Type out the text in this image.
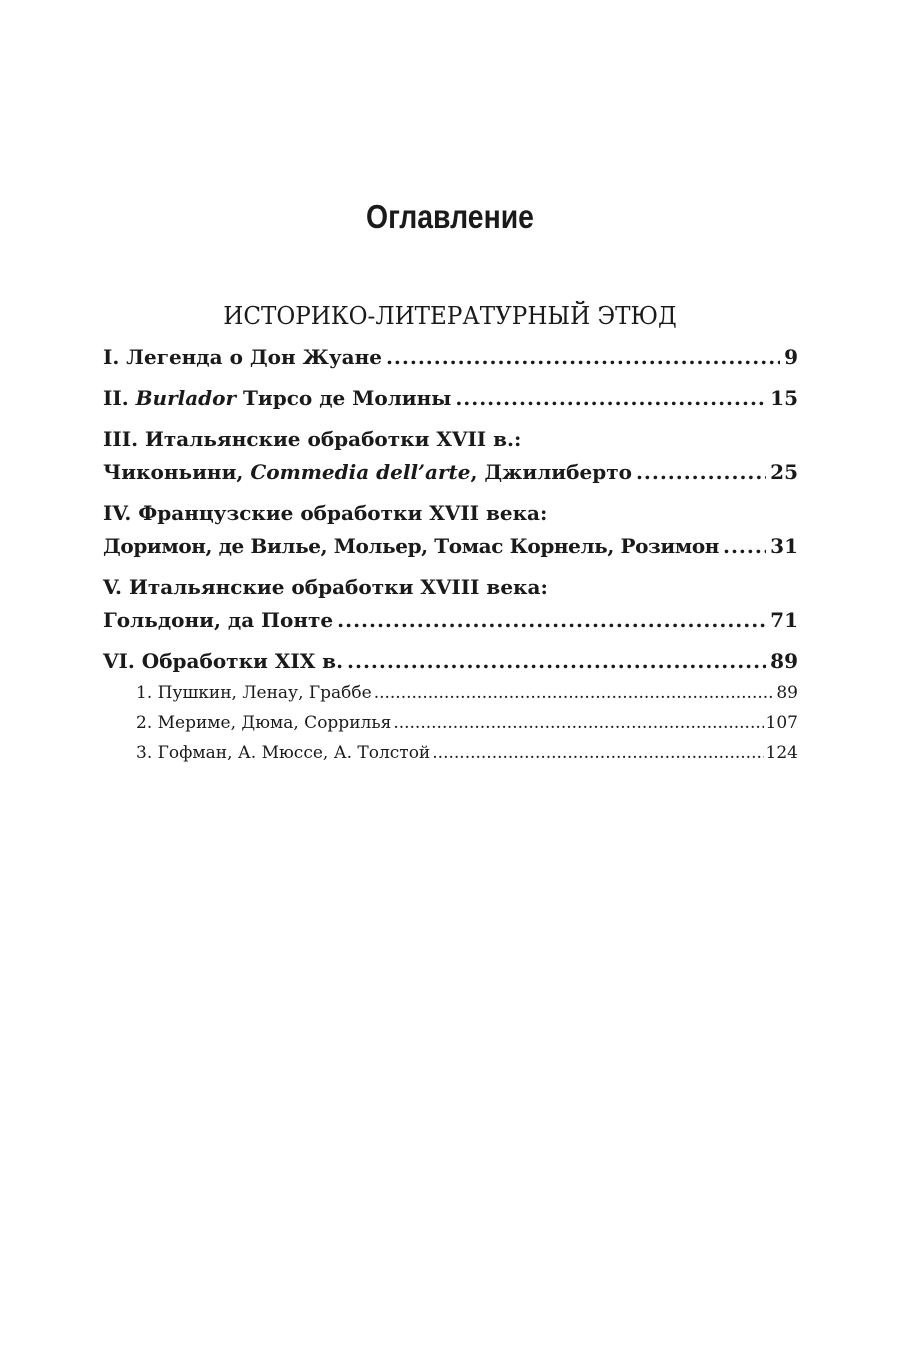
Оглавление
ИСТОРИКО-ЛИТЕРАТУРНЫЙ ЭТЮД
I. Легенда о Дон Жуане .....	9
II. Burlador Тирсо де Молины .....	15
III. Итальянские обработки XVII в.:
Чиконьини, Commedia dell’arte, Джилиберто .....	25
IV. Французские обработки XVII века:
Доримон, де Вилье, Мольер, Томас Корнель, Розимон .....	31
V. Итальянские обработки XVIII века:
Гольдони, да Понте .....	71
VI. Обработки XIX в. .....	89
1. Пушкин, Ленау, Граббе .....	89
2. Мериме, Дюма, Соррилья .....	107
3. Гофман, А. Мюссе, А. Толстой .....	124
